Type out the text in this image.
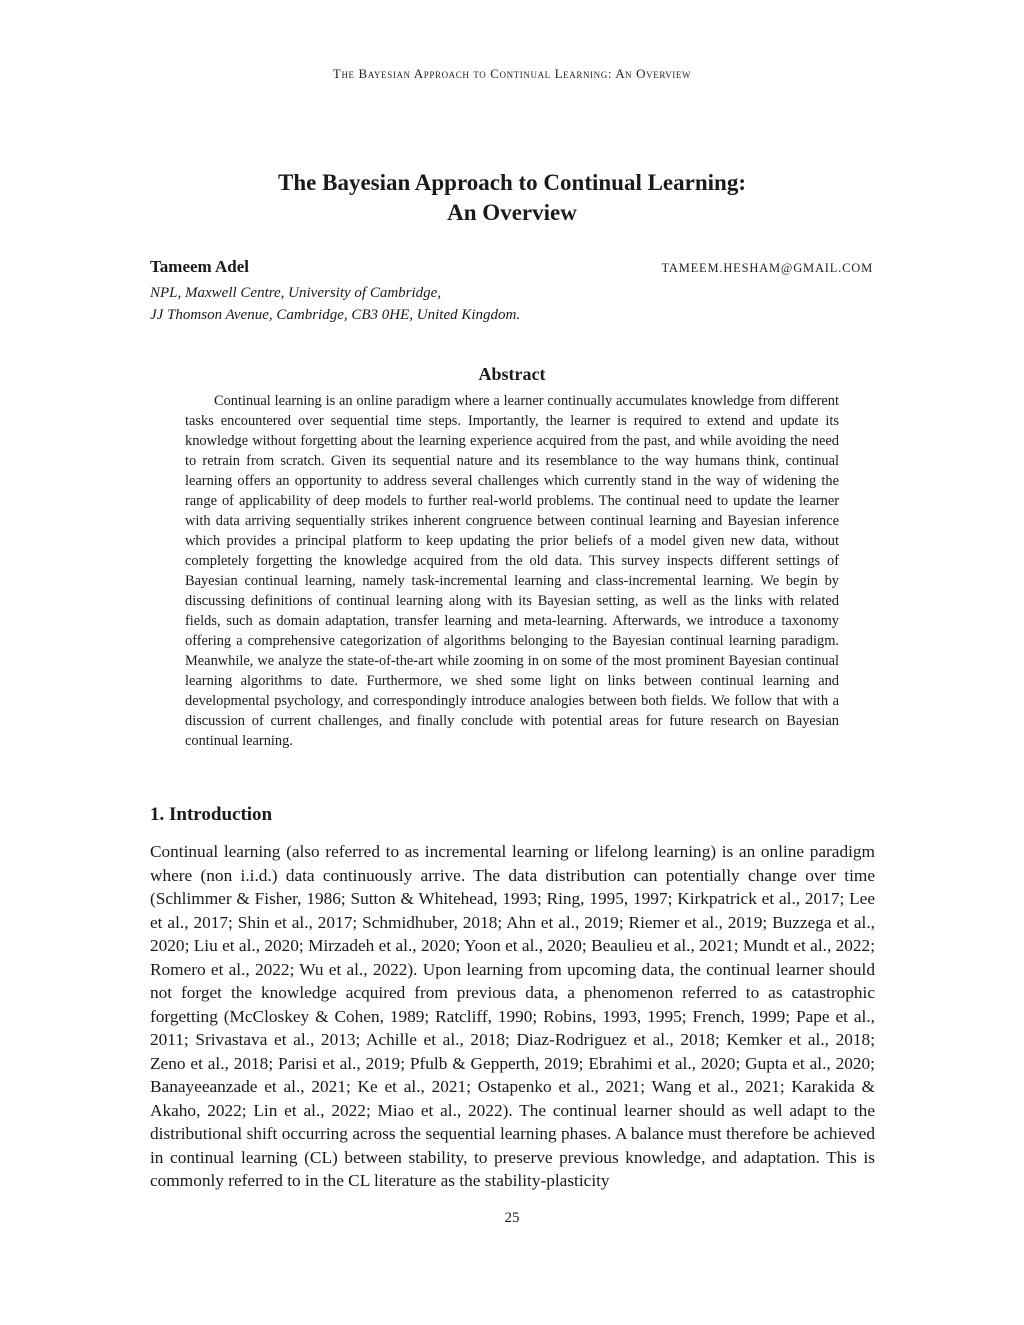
The Bayesian Approach to Continual Learning: An Overview
The Bayesian Approach to Continual Learning:
An Overview
Tameem Adel	TAMEEM.HESHAM@GMAIL.COM
NPL, Maxwell Centre, University of Cambridge,
JJ Thomson Avenue, Cambridge, CB3 0HE, United Kingdom.
Abstract

Continual learning is an online paradigm where a learner continually accumulates knowledge from different tasks encountered over sequential time steps. Importantly, the learner is required to extend and update its knowledge without forgetting about the learning experience acquired from the past, and while avoiding the need to retrain from scratch. Given its sequential nature and its resemblance to the way humans think, continual learning offers an opportunity to address several challenges which currently stand in the way of widening the range of applicability of deep models to further real-world problems. The continual need to update the learner with data arriving sequentially strikes inherent congruence between continual learning and Bayesian inference which provides a principal platform to keep updating the prior beliefs of a model given new data, without completely forgetting the knowledge acquired from the old data. This survey inspects different settings of Bayesian continual learning, namely task-incremental learning and class-incremental learning. We begin by discussing definitions of continual learning along with its Bayesian setting, as well as the links with related fields, such as domain adaptation, transfer learning and meta-learning. Afterwards, we introduce a taxonomy offering a comprehensive categorization of algorithms belonging to the Bayesian continual learning paradigm. Meanwhile, we analyze the state-of-the-art while zooming in on some of the most prominent Bayesian continual learning algorithms to date. Furthermore, we shed some light on links between continual learning and developmental psychology, and correspondingly introduce analogies between both fields. We follow that with a discussion of current challenges, and finally conclude with potential areas for future research on Bayesian continual learning.

1. Introduction

Continual learning (also referred to as incremental learning or lifelong learning) is an online paradigm where (non i.i.d.) data continuously arrive. The data distribution can potentially change over time (Schlimmer & Fisher, 1986; Sutton & Whitehead, 1993; Ring, 1995, 1997; Kirkpatrick et al., 2017; Lee et al., 2017; Shin et al., 2017; Schmidhuber, 2018; Ahn et al., 2019; Riemer et al., 2019; Buzzega et al., 2020; Liu et al., 2020; Mirzadeh et al., 2020; Yoon et al., 2020; Beaulieu et al., 2021; Mundt et al., 2022; Romero et al., 2022; Wu et al., 2022). Upon learning from upcoming data, the continual learner should not forget the knowledge acquired from previous data, a phenomenon referred to as catastrophic forgetting (McCloskey & Cohen, 1989; Ratcliff, 1990; Robins, 1993, 1995; French, 1999; Pape et al., 2011; Srivastava et al., 2013; Achille et al., 2018; Diaz-Rodriguez et al., 2018; Kemker et al., 2018; Zeno et al., 2018; Parisi et al., 2019; Pfulb & Gepperth, 2019; Ebrahimi et al., 2020; Gupta et al., 2020; Banayeeanzade et al., 2021; Ke et al., 2021; Ostapenko et al., 2021; Wang et al., 2021; Karakida & Akaho, 2022; Lin et al., 2022; Miao et al., 2022). The continual learner should as well adapt to the distributional shift occurring across the sequential learning phases. A balance must therefore be achieved in continual learning (CL) between stability, to preserve previous knowledge, and adaptation. This is commonly referred to in the CL literature as the stability-plasticity

25
